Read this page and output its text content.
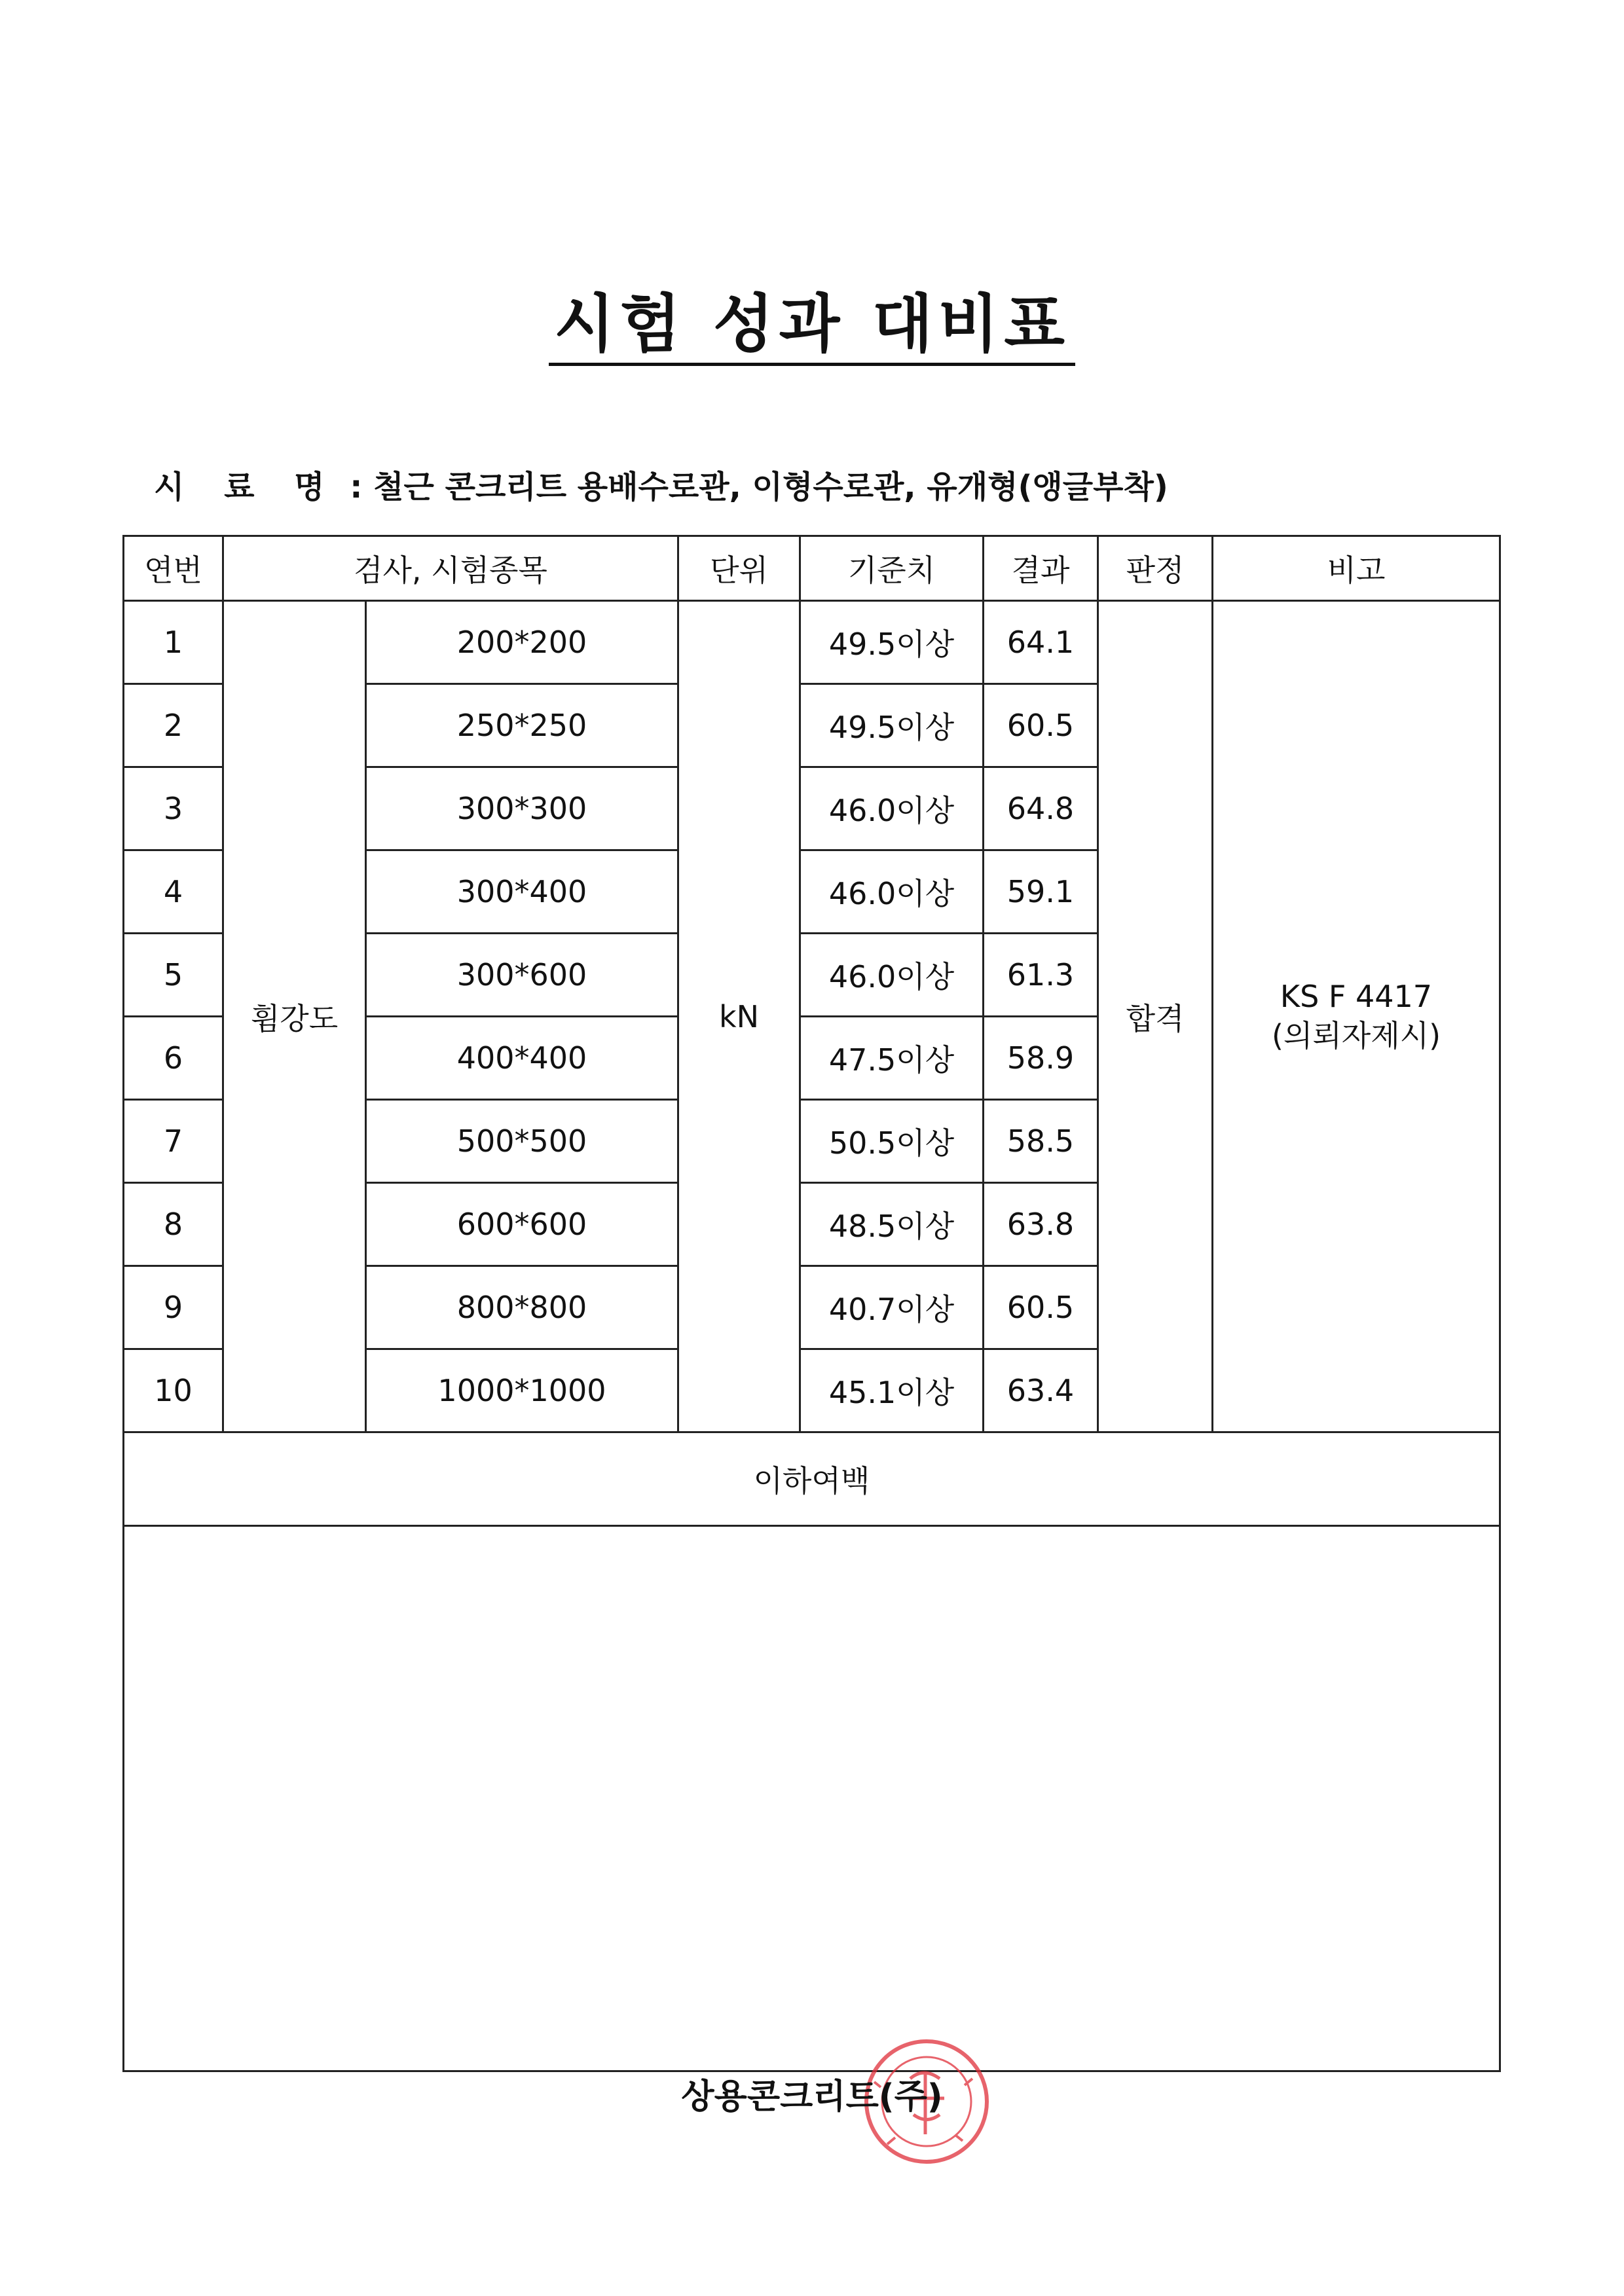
시험 성과 대비표
시 료 명 : 철근 콘크리트 용배수로관, 이형수로관, 유개형(앵글부착)
연번	검사, 시험종목		단위	기준치	결과	판정	비고
1	휨강도	200*200	kN	49.5이상	64.1	합격	KS F 4417
(의뢰자제시)

2		250*250		49.5이상	60.5		
3		300*300		46.0이상	64.8		
4		300*400		46.0이상	59.1		
5		300*600		46.0이상	61.3		
6		400*400		47.5이상	58.9		
7		500*500		50.5이상	58.5		
8		600*600		48.5이상	63.8		
9		800*800		40.7이상	60.5		
10		1000*1000		45.1이상	63.4		
이하여백							

상용콘크리트(주)
